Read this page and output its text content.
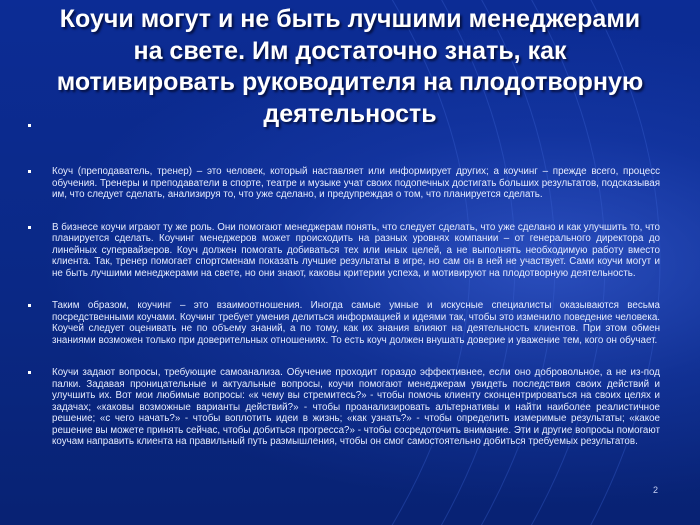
Коучи могут и не быть лучшими менеджерами на свете. Им достаточно знать, как мотивировать руководителя на плодотворную деятельность
Коуч (преподаватель, тренер) – это человек, который наставляет или информирует других; а коучинг – прежде всего, процесс обучения. Тренеры и преподаватели в спорте, театре и музыке учат своих подопечных достигать больших результатов, подсказывая им, что следует сделать, анализируя то, что уже сделано, и предупреждая о том, что планируется сделать.
В бизнесе коучи играют ту же роль. Они помогают менеджерам понять, что следует сделать, что уже сделано и как улучшить то, что планируется сделать. Коучинг менеджеров может происходить на разных уровнях компании – от генерального директора до линейных супервайзеров. Коуч должен помогать добиваться тех или иных целей, а не выполнять необходимую работу вместо клиента. Так, тренер помогает спортсменам показать лучшие результаты в игре, но сам он в ней не участвует. Сами коучи могут и не быть лучшими менеджерами на свете, но они знают, каковы критерии успеха, и мотивируют на плодотворную деятельность.
Таким образом, коучинг – это взаимоотношения. Иногда самые умные и искусные специалисты оказываются весьма посредственными коучами. Коучинг требует умения делиться информацией и идеями так, чтобы это изменило поведение человека. Коучей следует оценивать не по объему знаний, а по тому, как их знания влияют на деятельность клиентов. При этом обмен знаниями возможен только при доверительных отношениях. То есть коуч должен внушать доверие и уважение тем, кого он обучает.
Коучи задают вопросы, требующие самоанализа. Обучение проходит гораздо эффективнее, если оно добровольное, а не из-под палки. Задавая проницательные и актуальные вопросы, коучи помогают менеджерам увидеть последствия своих действий и улучшить их. Вот мои любимые вопросы: «к чему вы стремитесь?» - чтобы помочь клиенту сконцентрироваться на своих целях и задачах; «каковы возможные варианты действий?» - чтобы проанализировать альтернативы и найти наиболее реалистичное решение; «с чего начать?» - чтобы воплотить идеи в жизнь; «как узнать?» - чтобы определить измеримые результаты; «какое решение вы можете принять сейчас, чтобы добиться прогресса?» - чтобы сосредоточить внимание. Эти и другие вопросы помогают коучам направить клиента на правильный путь размышления, чтобы он смог самостоятельно добиться требуемых результатов.
2
